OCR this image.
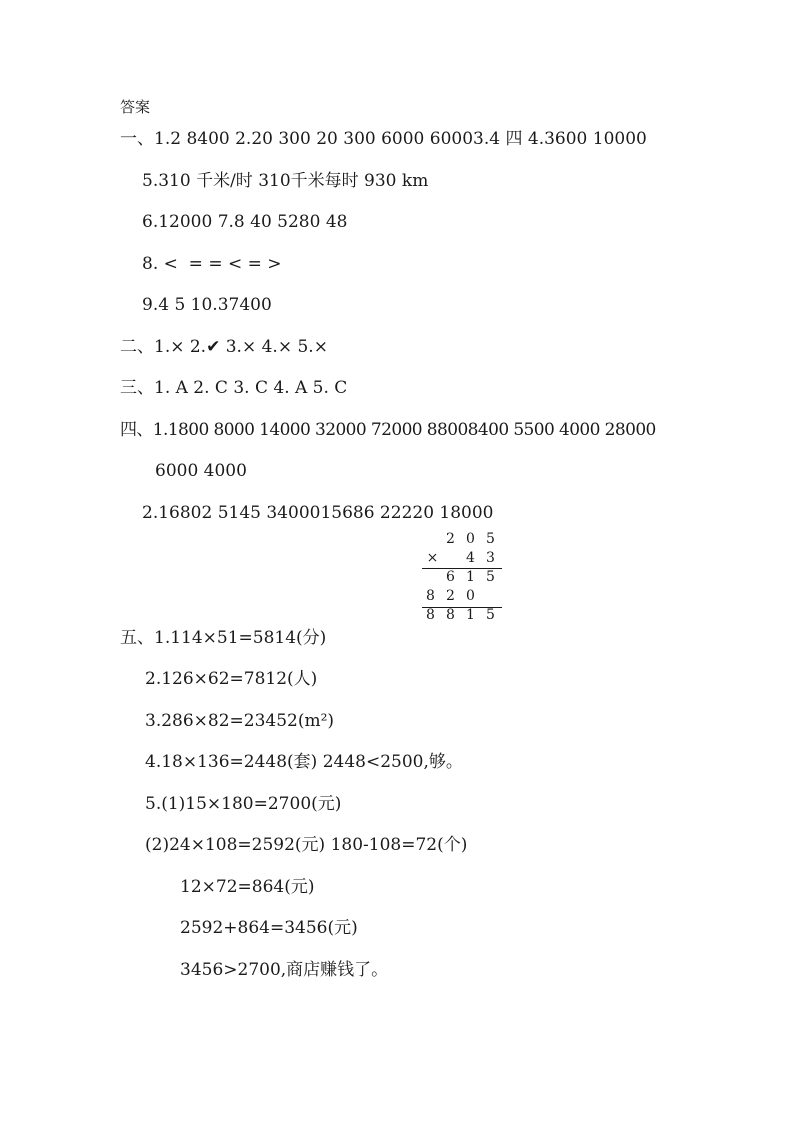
答案
一、1.2 8400 2.20 300 20 300 6000 60003.4 四 4.3600 10000
5.310 千米/时 310千米每时 930 km
6.12000 7.8 40 5280 48
8. <  = = < = >
9.4 5 10.37400
二、1.× 2.✔ 3.× 4.× 5.×
三、1. A 2. C 3. C 4. A 5. C
四、1.1800 8000 14000 32000 72000 88008400 5500 4000 28000
6000 4000
2.16802 5145 3400015686 22220 18000
2 0 5
× 4 3
6 1 5
8 2 0
8 8 1 5
五、1.114×51=5814(分)
2.126×62=7812(人)
3.286×82=23452(m²)
4.18×136=2448(套) 2448<2500,够。
5.(1)15×180=2700(元)
(2)24×108=2592(元) 180-108=72(个)
12×72=864(元)
2592+864=3456(元)
3456>2700,商店赚钱了。
